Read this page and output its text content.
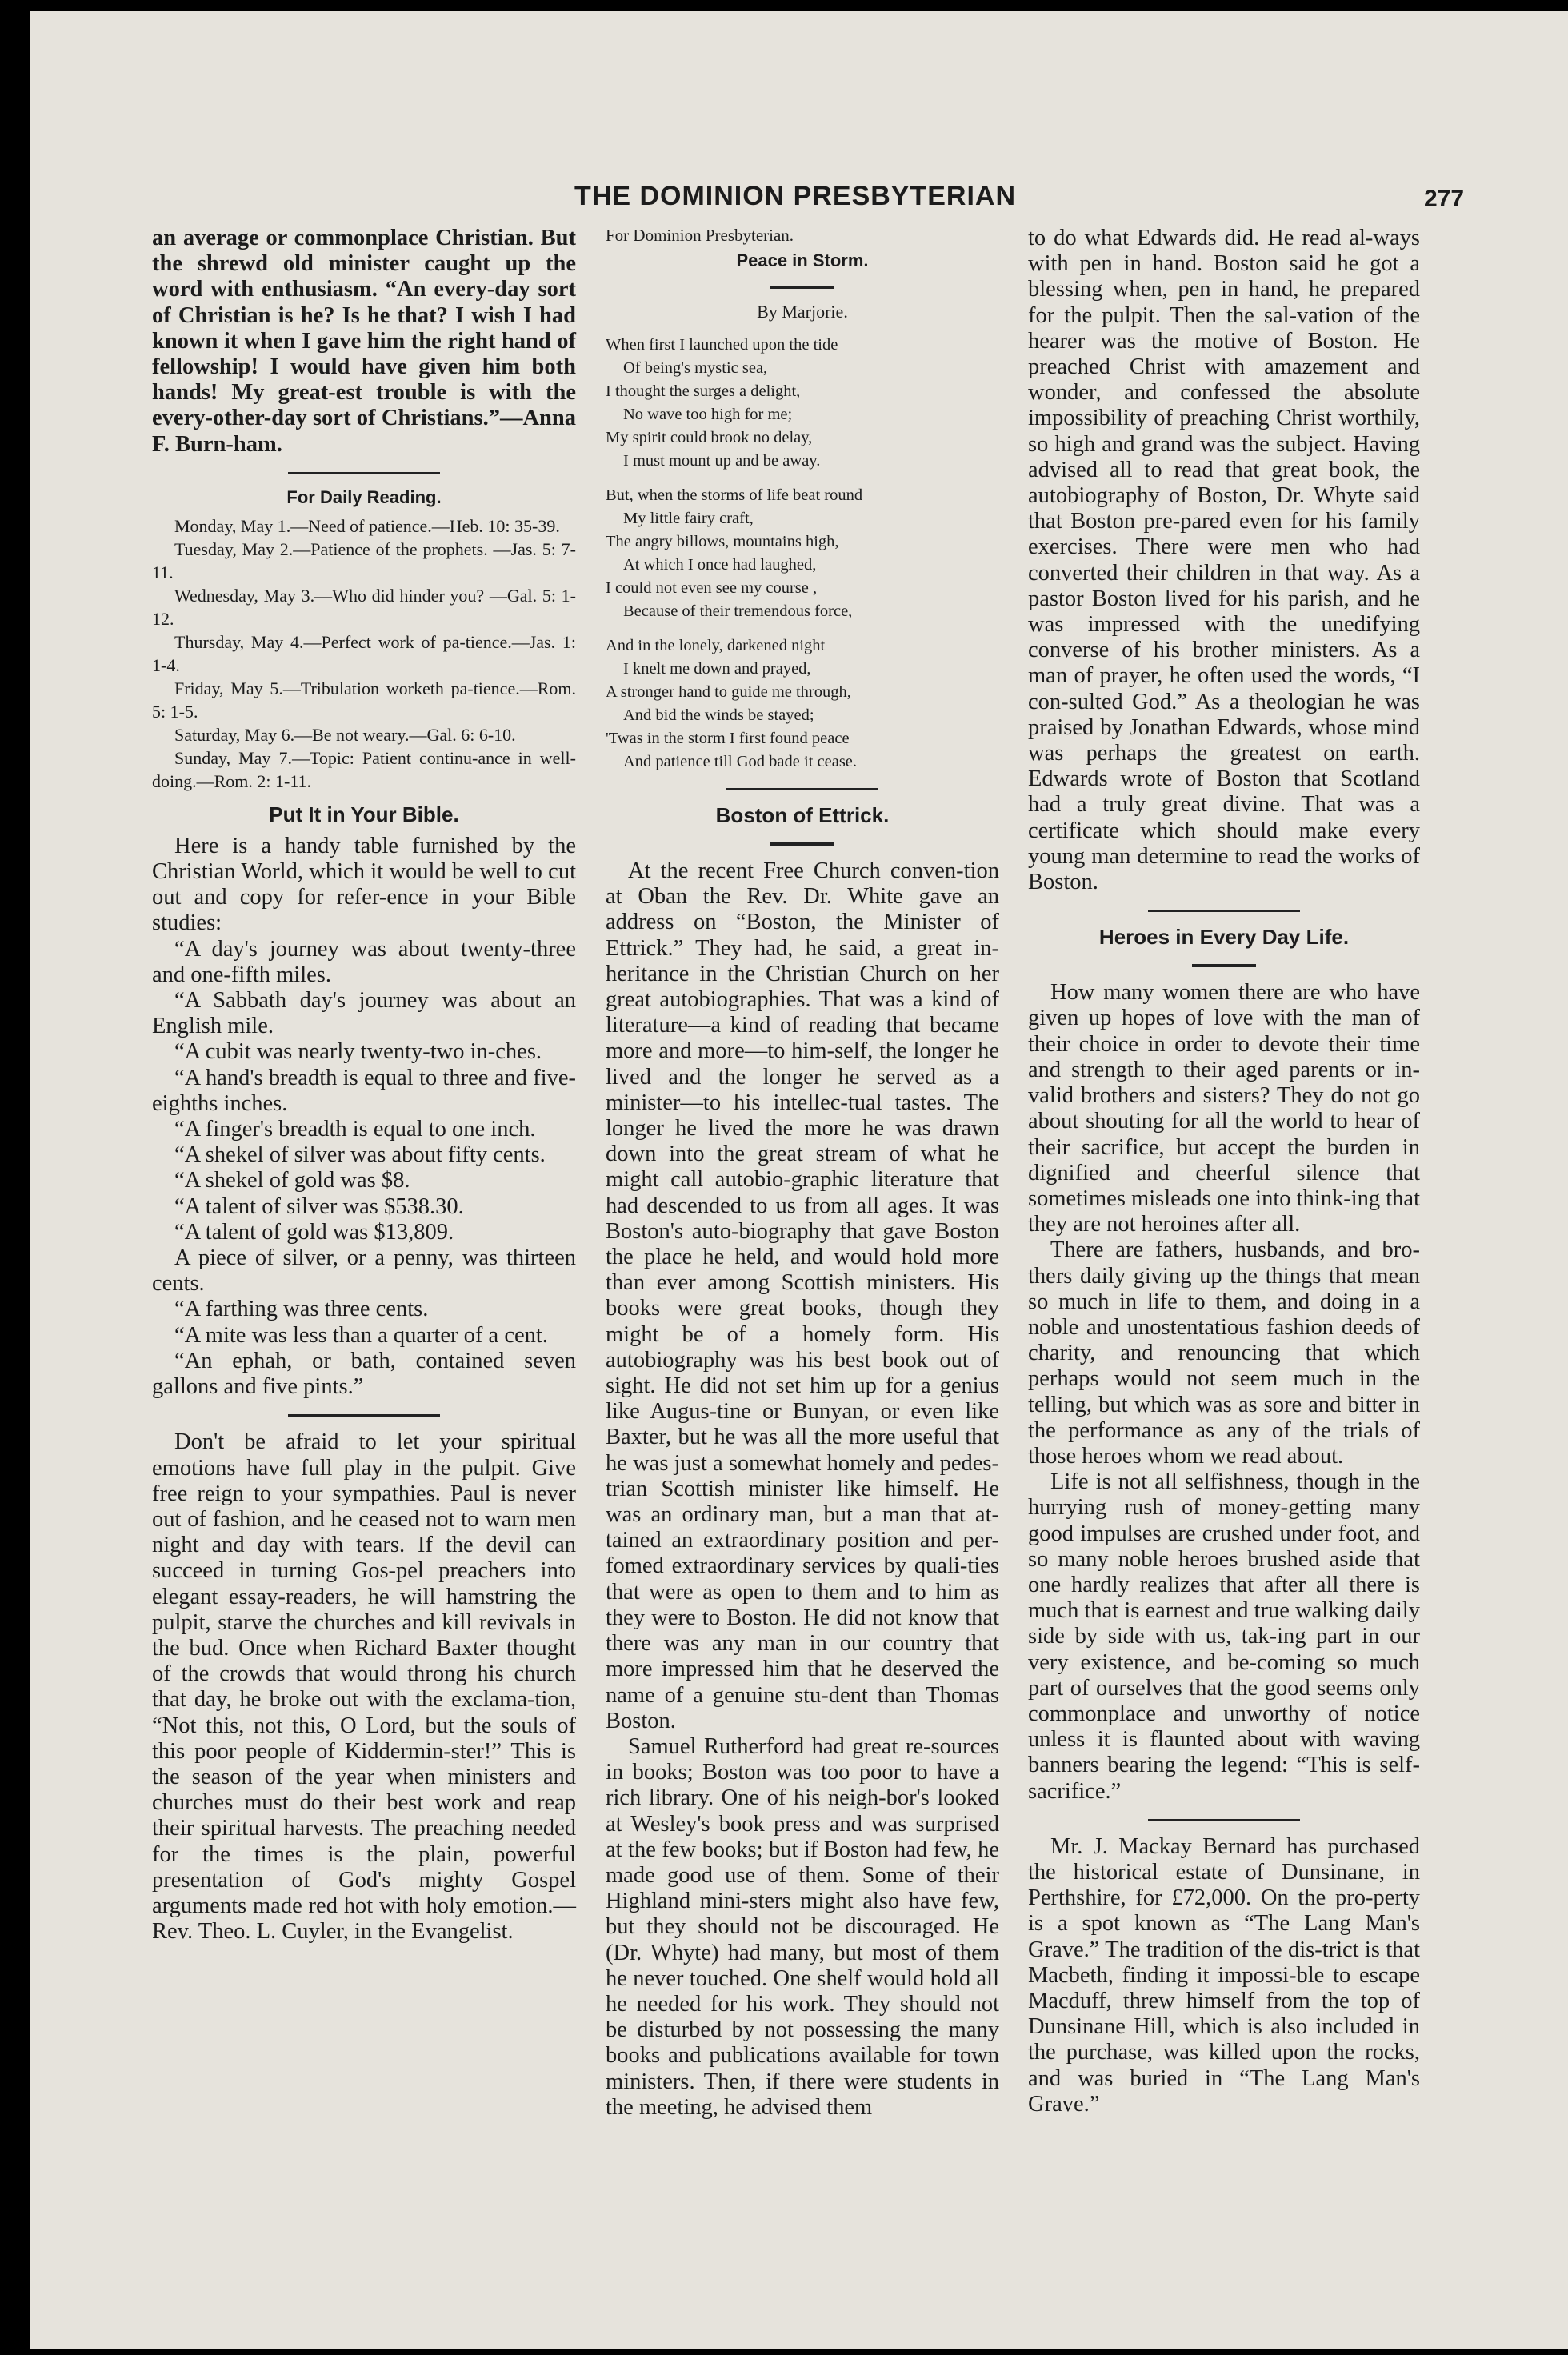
THE DOMINION PRESBYTERIAN	277

an average or commonplace Christian. But the shrewd old minister caught up the word with enthusiasm. “An every-day sort of Christian is he? Is he that? I wish I had known it when I gave him the right hand of fellowship! I would have given him both hands! My great-est trouble is with the every-other-day sort of Christians.”—Anna F. Burn-ham.

For Daily Reading.

Monday, May 1.—Need of patience.—Heb. 10: 35-39.

Tuesday, May 2.—Patience of the prophets. —Jas. 5: 7-11.

Wednesday, May 3.—Who did hinder you? —Gal. 5: 1-12.

Thursday, May 4.—Perfect work of pa-tience.—Jas. 1: 1-4.

Friday, May 5.—Tribulation worketh pa-tience.—Rom. 5: 1-5.

Saturday, May 6.—Be not weary.—Gal. 6: 6-10.

Sunday, May 7.—Topic: Patient continu-ance in well-doing.—Rom. 2: 1-11.

Put It in Your Bible.

Here is a handy table furnished by the Christian World, which it would be well to cut out and copy for refer-ence in your Bible studies:

“A day's journey was about twenty-three and one-fifth miles.

“A Sabbath day's journey was about an English mile.

“A cubit was nearly twenty-two in-ches.

“A hand's breadth is equal to three and five-eighths inches.

“A finger's breadth is equal to one inch.

“A shekel of silver was about fifty cents.

“A shekel of gold was $8.

“A talent of silver was $538.30.

“A talent of gold was $13,809.

A piece of silver, or a penny, was thirteen cents.

“A farthing was three cents.

“A mite was less than a quarter of a cent.

“An ephah, or bath, contained seven gallons and five pints.”

Don't be afraid to let your spiritual emotions have full play in the pulpit. Give free reign to your sympathies. Paul is never out of fashion, and he ceased not to warn men night and day with tears. If the devil can succeed in turning Gos-pel preachers into elegant essay-readers, he will hamstring the pulpit, starve the churches and kill revivals in the bud. Once when Richard Baxter thought of the crowds that would throng his church that day, he broke out with the exclama-tion, “Not this, not this, O Lord, but the souls of this poor people of Kiddermin-ster!” This is the season of the year when ministers and churches must do their best work and reap their spiritual harvests. The preaching needed for the times is the plain, powerful presentation of God's mighty Gospel arguments made red hot with holy emotion.—Rev. Theo. L. Cuyler, in the Evangelist.

For Dominion Presbyterian.

Peace in Storm.
By Marjorie.
When first I launched upon the tide
Of being's mystic sea,
I thought the surges a delight,
No wave too high for me;
My spirit could brook no delay,
I must mount up and be away.
But, when the storms of life beat round
My little fairy craft,
The angry billows, mountains high,
At which I once had laughed,
I could not even see my course ,
Because of their tremendous force,
And in the lonely, darkened night
I knelt me down and prayed,
A stronger hand to guide me through,
And bid the winds be stayed;
'Twas in the storm I first found peace
And patience till God bade it cease.
Boston of Ettrick.

At the recent Free Church conven-tion at Oban the Rev. Dr. White gave an address on “Boston, the Minister of Ettrick.” They had, he said, a great in-heritance in the Christian Church on her great autobiographies. That was a kind of literature—a kind of reading that became more and more—to him-self, the longer he lived and the longer he served as a minister—to his intellec-tual tastes. The longer he lived the more he was drawn down into the great stream of what he might call autobio-graphic literature that had descended to us from all ages. It was Boston's auto-biography that gave Boston the place he held, and would hold more than ever among Scottish ministers. His books were great books, though they might be of a homely form. His autobiography was his best book out of sight. He did not set him up for a genius like Augus-tine or Bunyan, or even like Baxter, but he was all the more useful that he was just a somewhat homely and pedes-trian Scottish minister like himself. He was an ordinary man, but a man that at-tained an extraordinary position and per-fomed extraordinary services by quali-ties that were as open to them and to him as they were to Boston. He did not know that there was any man in our country that more impressed him that he deserved the name of a genuine stu-dent than Thomas Boston.

Samuel Rutherford had great re-sources in books; Boston was too poor to have a rich library. One of his neigh-bor's looked at Wesley's book press and was surprised at the few books; but if Boston had few, he made good use of them. Some of their Highland mini-sters might also have few, but they should not be discouraged. He (Dr. Whyte) had many, but most of them he never touched. One shelf would hold all he needed for his work. They should not be disturbed by not possessing the many books and publications available for town ministers. Then, if there were students in the meeting, he advised them

to do what Edwards did. He read al-ways with pen in hand. Boston said he got a blessing when, pen in hand, he prepared for the pulpit. Then the sal-vation of the hearer was the motive of Boston. He preached Christ with amazement and wonder, and confessed the absolute impossibility of preaching Christ worthily, so high and grand was the subject. Having advised all to read that great book, the autobiography of Boston, Dr. Whyte said that Boston pre-pared even for his family exercises. There were men who had converted their children in that way. As a pastor Boston lived for his parish, and he was impressed with the unedifying converse of his brother ministers. As a man of prayer, he often used the words, “I con-sulted God.” As a theologian he was praised by Jonathan Edwards, whose mind was perhaps the greatest on earth. Edwards wrote of Boston that Scotland had a truly great divine. That was a certificate which should make every young man determine to read the works of Boston.

Heroes in Every Day Life.

How many women there are who have given up hopes of love with the man of their choice in order to devote their time and strength to their aged parents or in-valid brothers and sisters? They do not go about shouting for all the world to hear of their sacrifice, but accept the burden in dignified and cheerful silence that sometimes misleads one into think-ing that they are not heroines after all.

There are fathers, husbands, and bro-thers daily giving up the things that mean so much in life to them, and doing in a noble and unostentatious fashion deeds of charity, and renouncing that which perhaps would not seem much in the telling, but which was as sore and bitter in the performance as any of the trials of those heroes whom we read about.

Life is not all selfishness, though in the hurrying rush of money-getting many good impulses are crushed under foot, and so many noble heroes brushed aside that one hardly realizes that after all there is much that is earnest and true walking daily side by side with us, tak-ing part in our very existence, and be-coming so much part of ourselves that the good seems only commonplace and unworthy of notice unless it is flaunted about with waving banners bearing the legend: “This is self-sacrifice.”

Mr. J. Mackay Bernard has purchased the historical estate of Dunsinane, in Perthshire, for £72,000. On the pro-perty is a spot known as “The Lang Man's Grave.” The tradition of the dis-trict is that Macbeth, finding it impossi-ble to escape Macduff, threw himself from the top of Dunsinane Hill, which is also included in the purchase, was killed upon the rocks, and was buried in “The Lang Man's Grave.”
